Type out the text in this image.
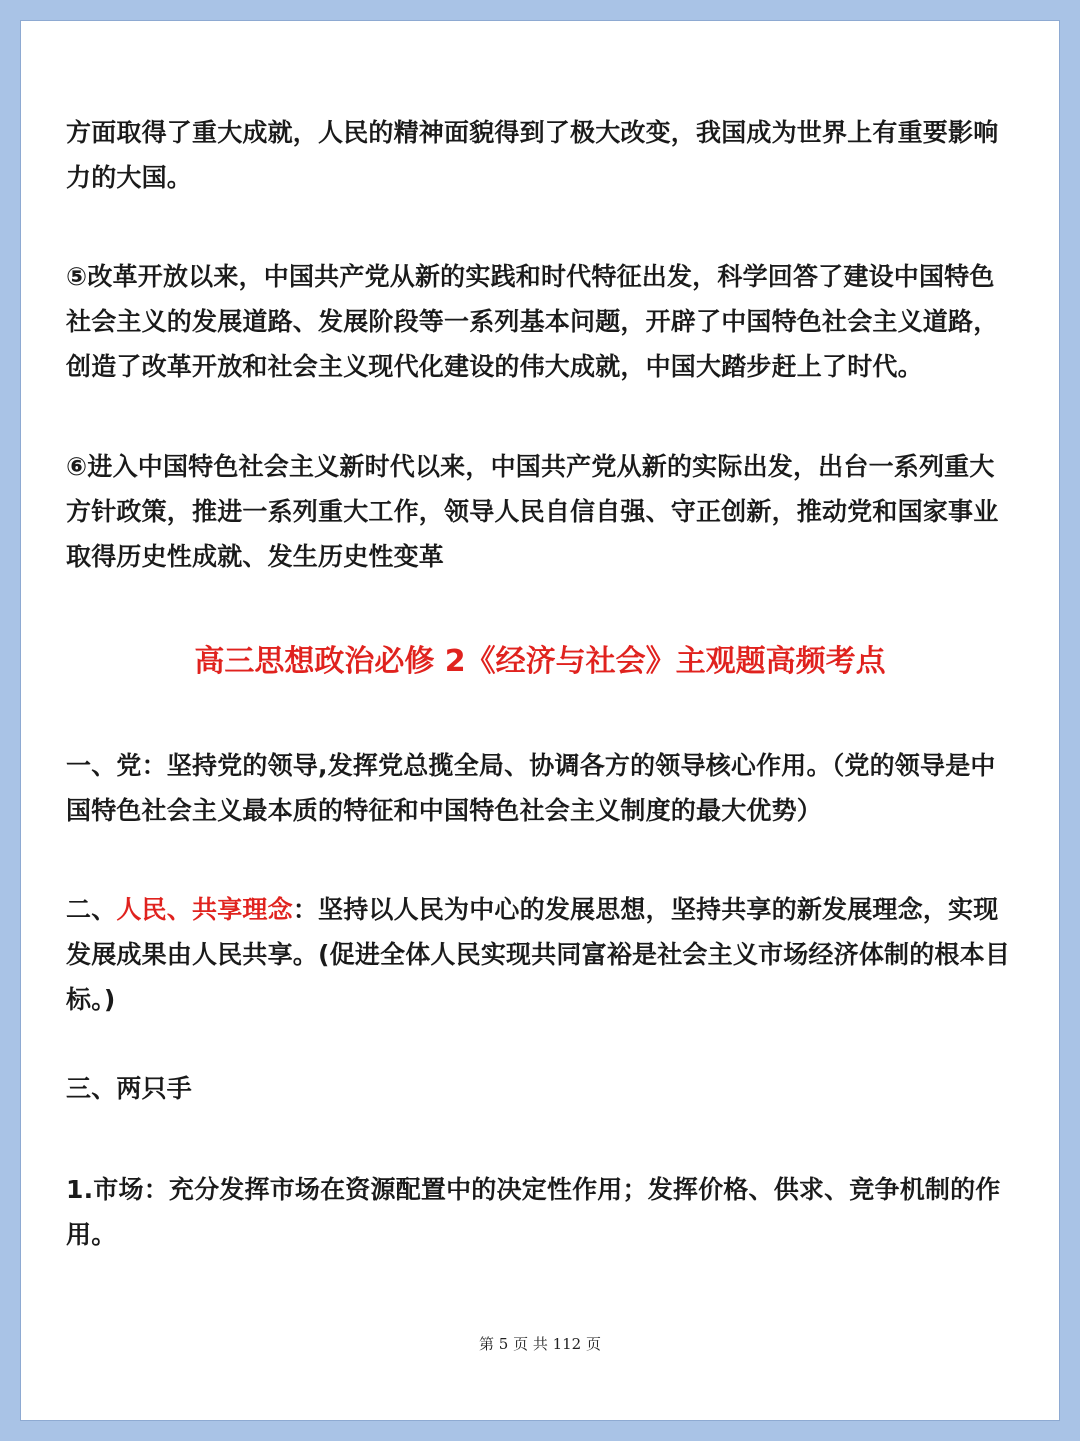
方面取得了重大成就，人民的精神面貌得到了极大改变，我国成为世界上有重要影响力的大国。

⑤改革开放以来，中国共产党从新的实践和时代特征出发，科学回答了建设中国特色社会主义的发展道路、发展阶段等一系列基本问题，开辟了中国特色社会主义道路，创造了改革开放和社会主义现代化建设的伟大成就，中国大踏步赶上了时代。

⑥进入中国特色社会主义新时代以来，中国共产党从新的实际出发，出台一系列重大方针政策，推进一系列重大工作，领导人民自信自强、守正创新，推动党和国家事业取得历史性成就、发生历史性变革

高三思想政治必修 2《经济与社会》主观题高频考点

一、党：坚持党的领导,发挥党总揽全局、协调各方的领导核心作用。（党的领导是中国特色社会主义最本质的特征和中国特色社会主义制度的最大优势）

二、人民、共享理念：坚持以人民为中心的发展思想，坚持共享的新发展理念，实现发展成果由人民共享。(促进全体人民实现共同富裕是社会主义市场经济体制的根本目标。)

三、两只手

1.市场：充分发挥市场在资源配置中的决定性作用；发挥价格、供求、竞争机制的作用。

第 5 页 共 112 页
